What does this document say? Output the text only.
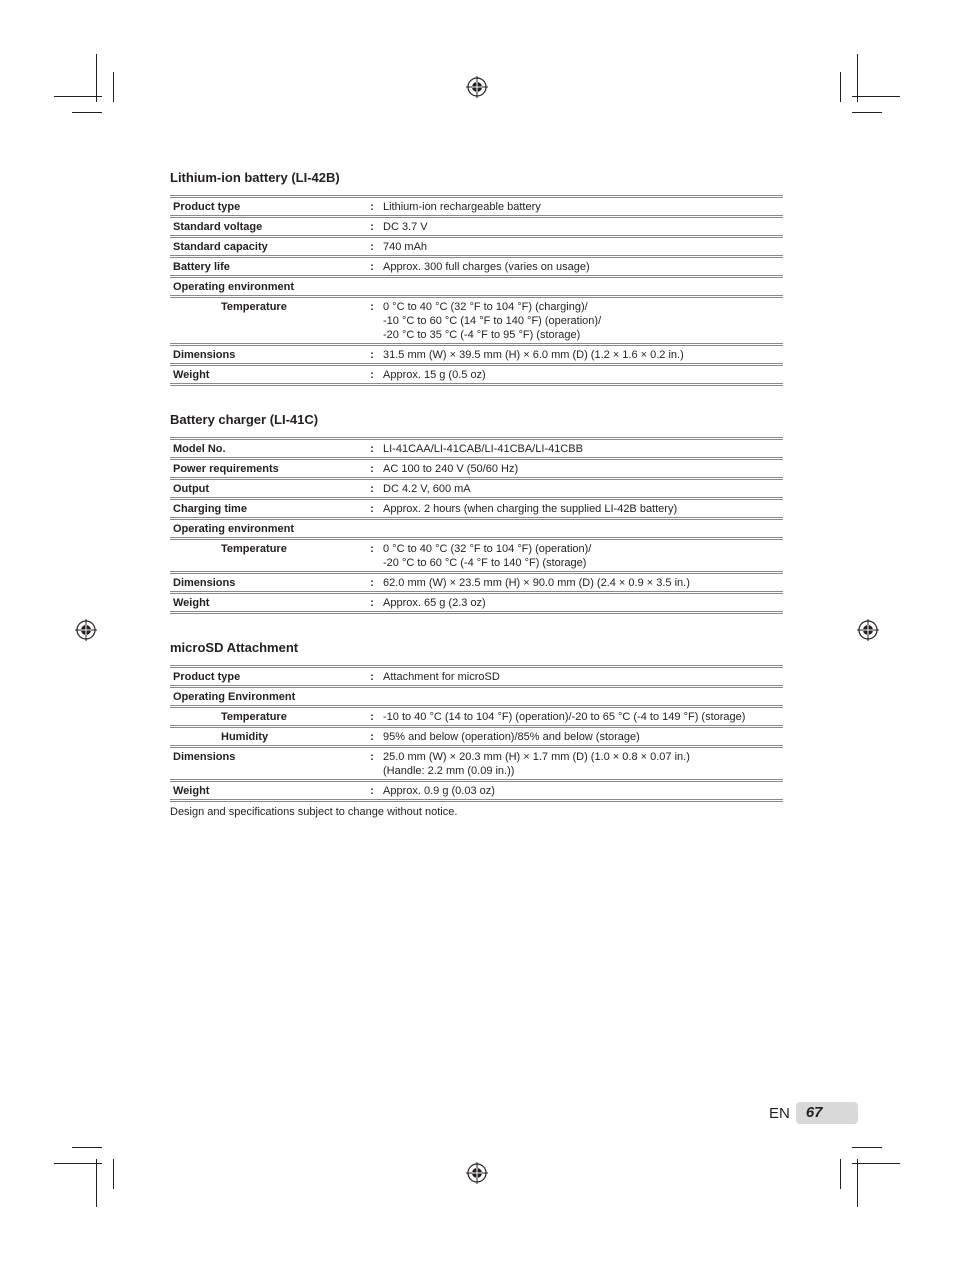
Lithium-ion battery (LI-42B)
Product type	:	Lithium-ion rechargeable battery
Standard voltage	:	DC 3.7 V
Standard capacity	:	740 mAh
Battery life	:	Approx. 300 full charges (varies on usage)
Operating environment		
Temperature	:	0 °C to 40 °C (32 °F to 104 °F) (charging)/
-10 °C to 60 °C (14 °F to 140 °F) (operation)/
-20 °C to 35 °C (-4 °F to 95 °F) (storage)

Dimensions	:	31.5 mm (W) × 39.5 mm (H) × 6.0 mm (D) (1.2 × 1.6 × 0.2 in.)
Weight	:	Approx. 15 g (0.5 oz)
Battery charger (LI-41C)
Model No.	:	LI-41CAA/LI-41CAB/LI-41CBA/LI-41CBB
Power requirements	:	AC 100 to 240 V (50/60 Hz)
Output	:	DC 4.2 V, 600 mA
Charging time	:	Approx. 2 hours (when charging the supplied LI-42B battery)
Operating environment		
Temperature	:	0 °C to 40 °C (32 °F to 104 °F) (operation)/
-20 °C to 60 °C (-4 °F to 140 °F) (storage)

Dimensions	:	62.0 mm (W) × 23.5 mm (H) × 90.0 mm (D) (2.4 × 0.9 × 3.5 in.)
Weight	:	Approx. 65 g (2.3 oz)
microSD Attachment
Product type	:	Attachment for microSD
Operating Environment		
Temperature	:	-10 to 40 °C (14 to 104 °F) (operation)/-20 to 65 °C (-4 to 149 °F) (storage)
Humidity	:	95% and below (operation)/85% and below (storage)
Dimensions	:	25.0 mm (W) × 20.3 mm (H) × 1.7 mm (D) (1.0 × 0.8 × 0.07 in.)
(Handle: 2.2 mm (0.09 in.))

Weight	:	Approx. 0.9 g (0.03 oz)

Design and specifications subject to change without notice.

EN	67
